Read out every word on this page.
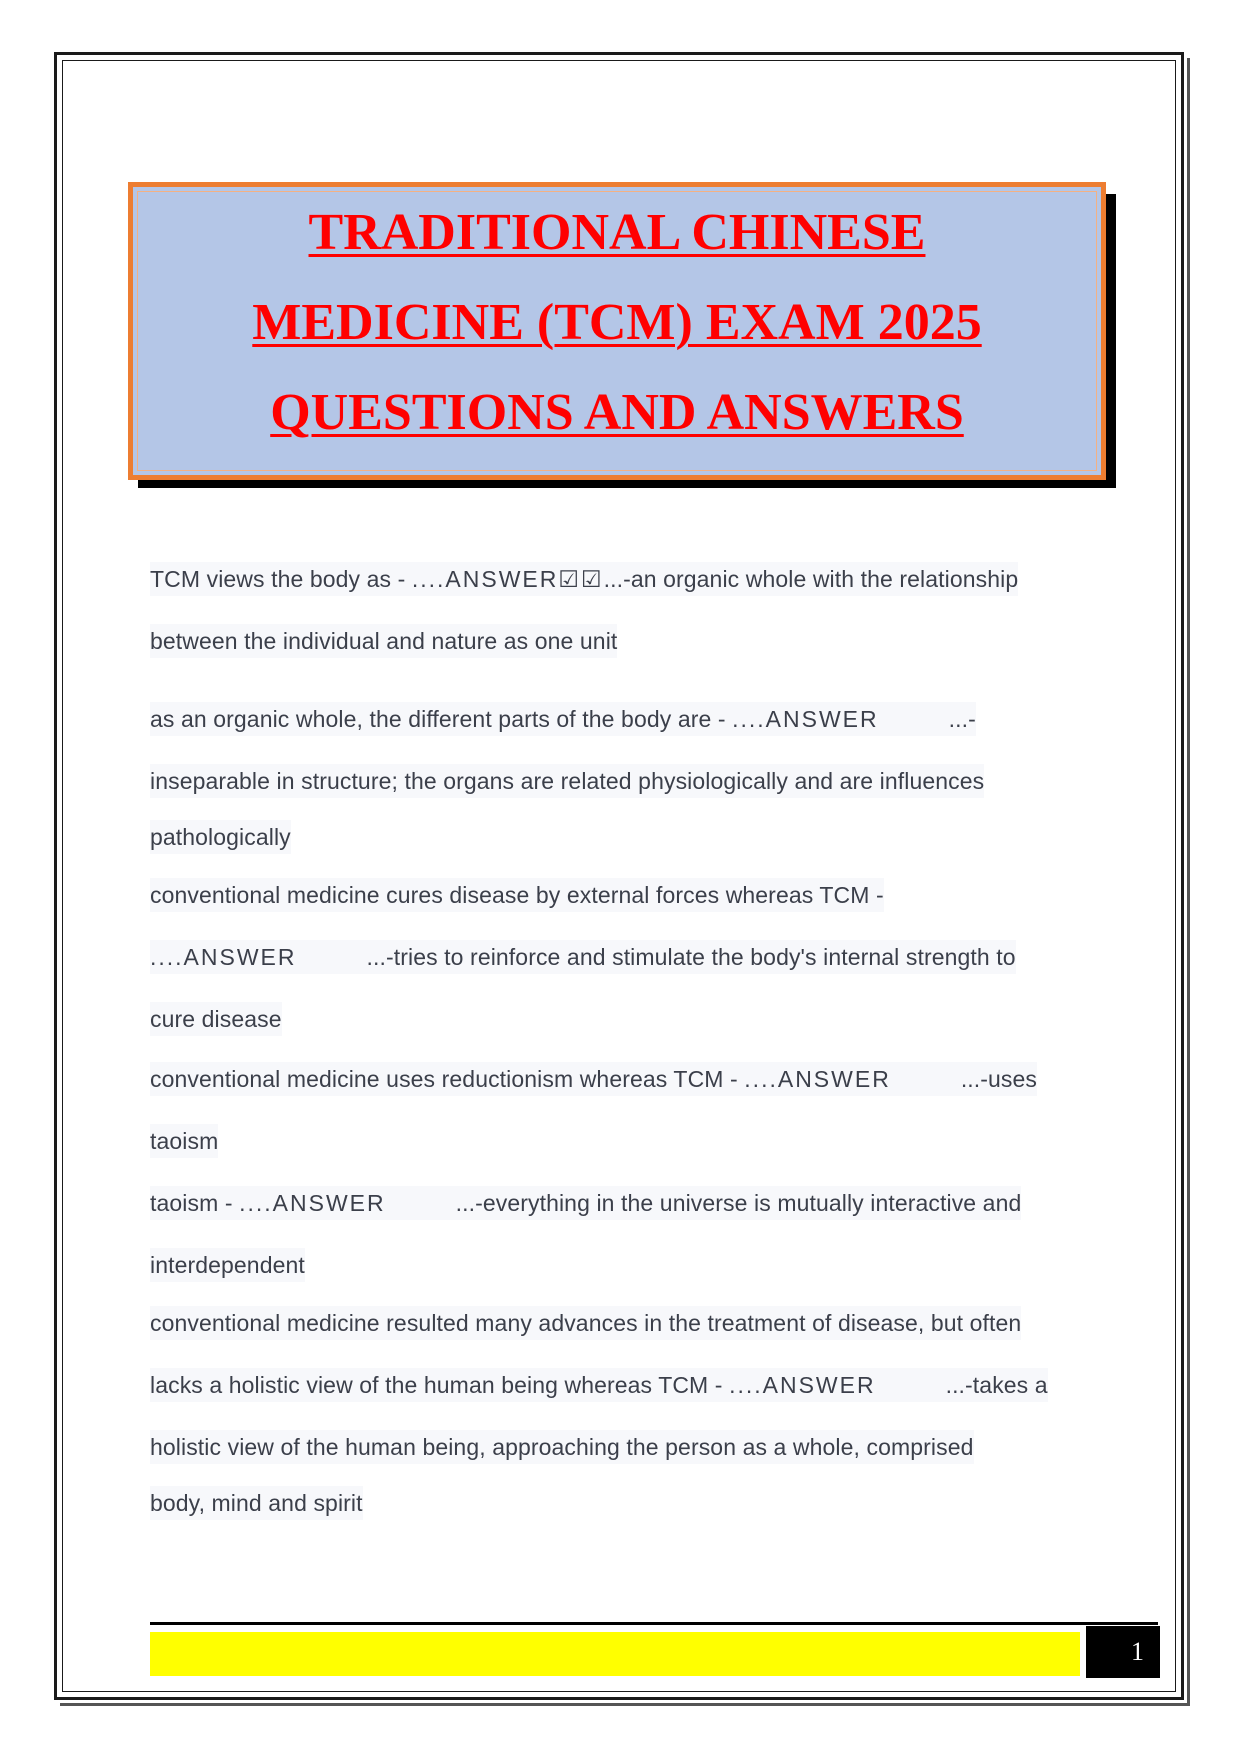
TRADITIONAL CHINESE
MEDICINE (TCM) EXAM 2025
QUESTIONS AND ANSWERS
TCM views the body as - ....ANSWER☑☑...-an organic whole with the relationship
between the individual and nature as one unit
as an organic whole, the different parts of the body are - ....ANSWER	...-
inseparable in structure; the organs are related physiologically and are influences
pathologically
conventional medicine cures disease by external forces whereas TCM -
....ANSWER	...-tries to reinforce and stimulate the body's internal strength to
cure disease
conventional medicine uses reductionism whereas TCM - ....ANSWER	...-uses
taoism
taoism - ....ANSWER	...-everything in the universe is mutually interactive and
interdependent
conventional medicine resulted many advances in the treatment of disease, but often
lacks a holistic view of the human being whereas TCM - ....ANSWER	...-takes a
holistic view of the human being, approaching the person as a whole, comprised
body, mind and spirit
1
